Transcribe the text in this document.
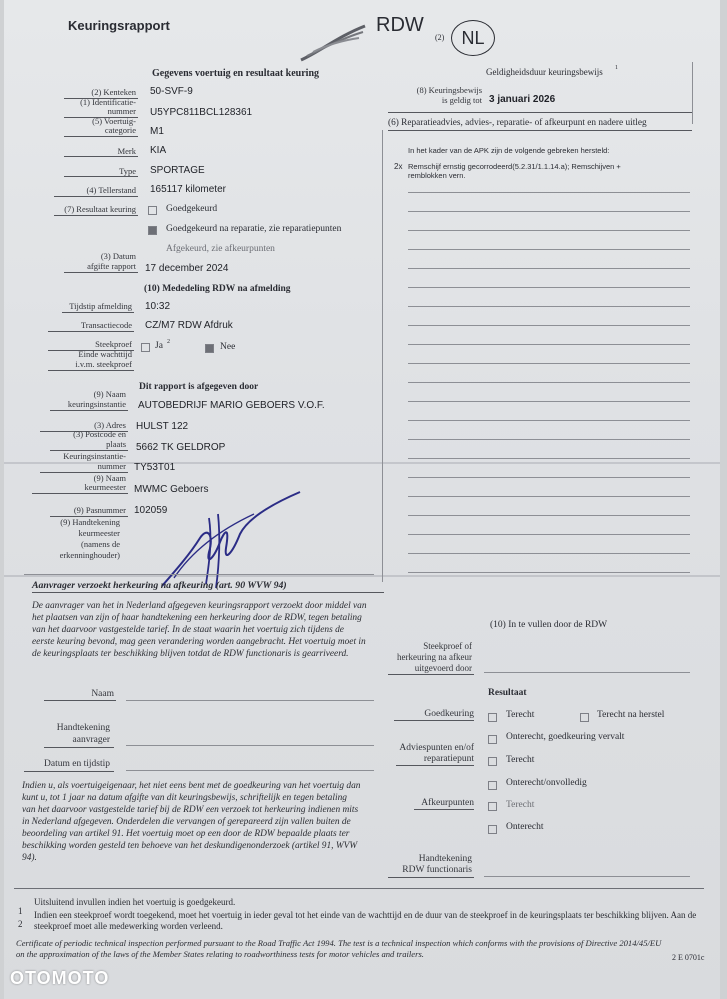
Keuringsrapport	RDW
(2) NL
Gegevens voertuig en resultaat keuring
(2) Kenteken 50-SVF-9
(1) Identificatie-
nummer U5YPC811BCL128361
(5) Voertuig-
categorie M1
Merk KIA
Type SPORTAGE
(4) Tellerstand 165117 kilometer
(7) Resultaat keuring	Goedgekeurd
Goedgekeurd na reparatie, zie reparatiepunten
Afgekeurd, zie afkeurpunten
(3) Datum
afgifte rapport 17 december 2024
(10) Mededeling RDW na afmelding
Tijdstip afmelding 10:32
Transactiecode CZ/M7 RDW Afdruk
Steekproef Ja 2	Nee
Einde wachttijd
i.v.m. steekproef
Dit rapport is afgegeven door
(9) Naam
keuringsinstantie AUTOBEDRIJF MARIO GEBOERS V.O.F.
(3) Adres HULST 122
(3) Postcode en
plaats 5662 TK GELDROP
Keuringsinstantie-
nummer TY53T01
(9) Naam
keurmeester MWMC Geboers
(9) Pasnummer 102059
(9) Handtekening
keurmeester
(namens de
erkenninghouder)
Geldigheidsduur keuringsbewijs 1
(8) Keuringsbewijs
is geldig tot 3 januari 2026
(6) Reparatieadvies, advies-, reparatie- of afkeurpunt en nadere uitleg
In het kader van de APK zijn de volgende gebreken hersteld:
2x Remschijf ernstig gecorrodeerd(5.2.31/1.1.14.a); Remschijven +
remblokken vern.
Aanvrager verzoekt herkeuring na afkeuring (art. 90 WVW 94)
De aanvrager van het in Nederland afgegeven keuringsrapport verzoekt door middel van het plaatsen van zijn of haar handtekening een herkeuring door de RDW, tegen betaling van het daarvoor vastgestelde tarief. In de staat waarin het voertuig zich tijdens de eerste keuring bevond, mag geen verandering worden aangebracht. Het voertuig moet in de keuringsplaats ter beschikking blijven totdat de RDW functionaris is gearriveerd.
Naam
Handtekening
aanvrager
Datum en tijdstip
Indien u, als voertuigeigenaar, het niet eens bent met de goedkeuring van het voertuig dan kunt u, tot 1 jaar na datum afgifte van dit keuringsbewijs, schriftelijk en tegen betaling van het daarvoor vastgestelde tarief bij de RDW een verzoek tot herkeuring indienen mits in Nederland afgegeven. Onderdelen die vervangen of gerepareerd zijn vallen buiten de beoordeling van artikel 91. Het voertuig moet op een door de RDW bepaalde plaats ter beschikking worden gesteld ten behoeve van het deskundigenonderzoek (artikel 91, WVW 94).
(10) In te vullen door de RDW
Steekproef of
herkeuring na afkeur
uitgevoerd door
Resultaat
Goedkeuring	Terecht	Terecht na herstel
Onterecht, goedkeuring vervalt
Adviespunten en/of
reparatiepunt	Terecht
Onterecht/onvolledig
Afkeurpunten	Terecht
Onterecht
Handtekening
RDW functionaris
1
Uitsluitend invullen indien het voertuig is goedgekeurd.
2
Indien een steekproef wordt toegekend, moet het voertuig in ieder geval tot het einde van de wachttijd en de duur van de steekproef in de keuringsplaats ter beschikking blijven. Aan de steekproef moet alle medewerking worden verleend.
Certificate of periodic technical inspection performed pursuant to the Road Traffic Act 1994. The test is a technical inspection which conforms with the provisions of Directive 2014/45/EU on the approximation of the laws of the Member States relating to roadworthiness tests for motor vehicles and trailers.	2 E 0701c
OTOMOTO
